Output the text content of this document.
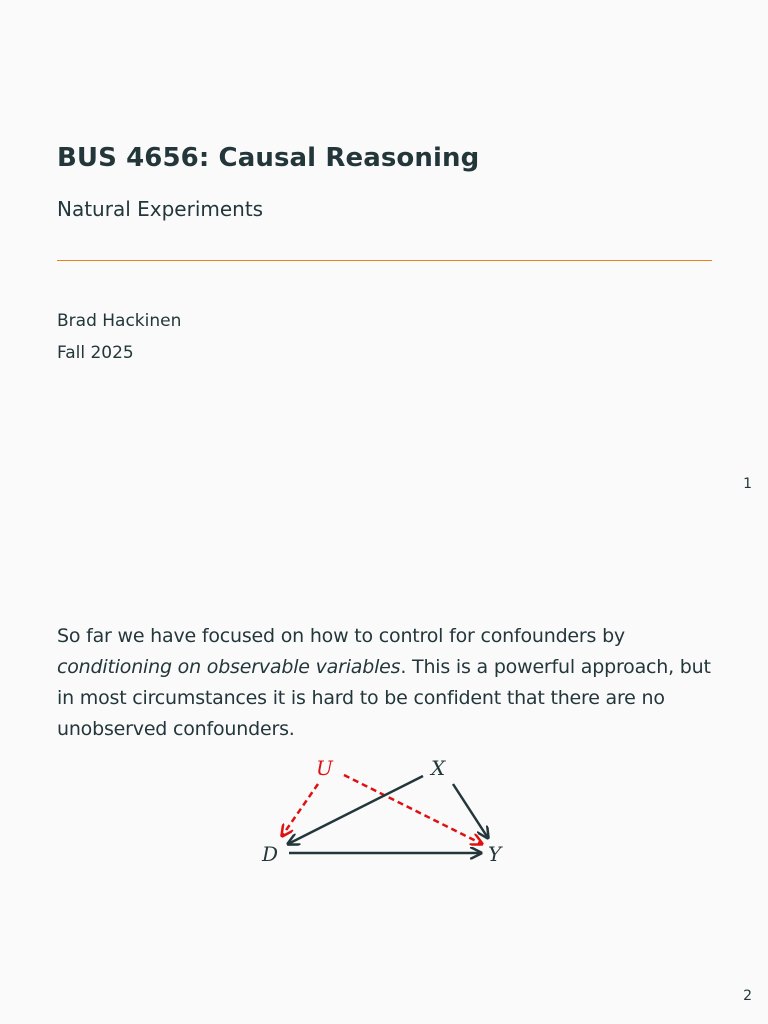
BUS 4656: Causal Reasoning
Natural Experiments
Brad Hackinen
Fall 2025
1
So far we have focused on how to control for confounders by conditioning on observable variables. This is a powerful approach, but in most circumstances it is hard to be confident that there are no unobserved confounders.
U	X
D	Y
2
